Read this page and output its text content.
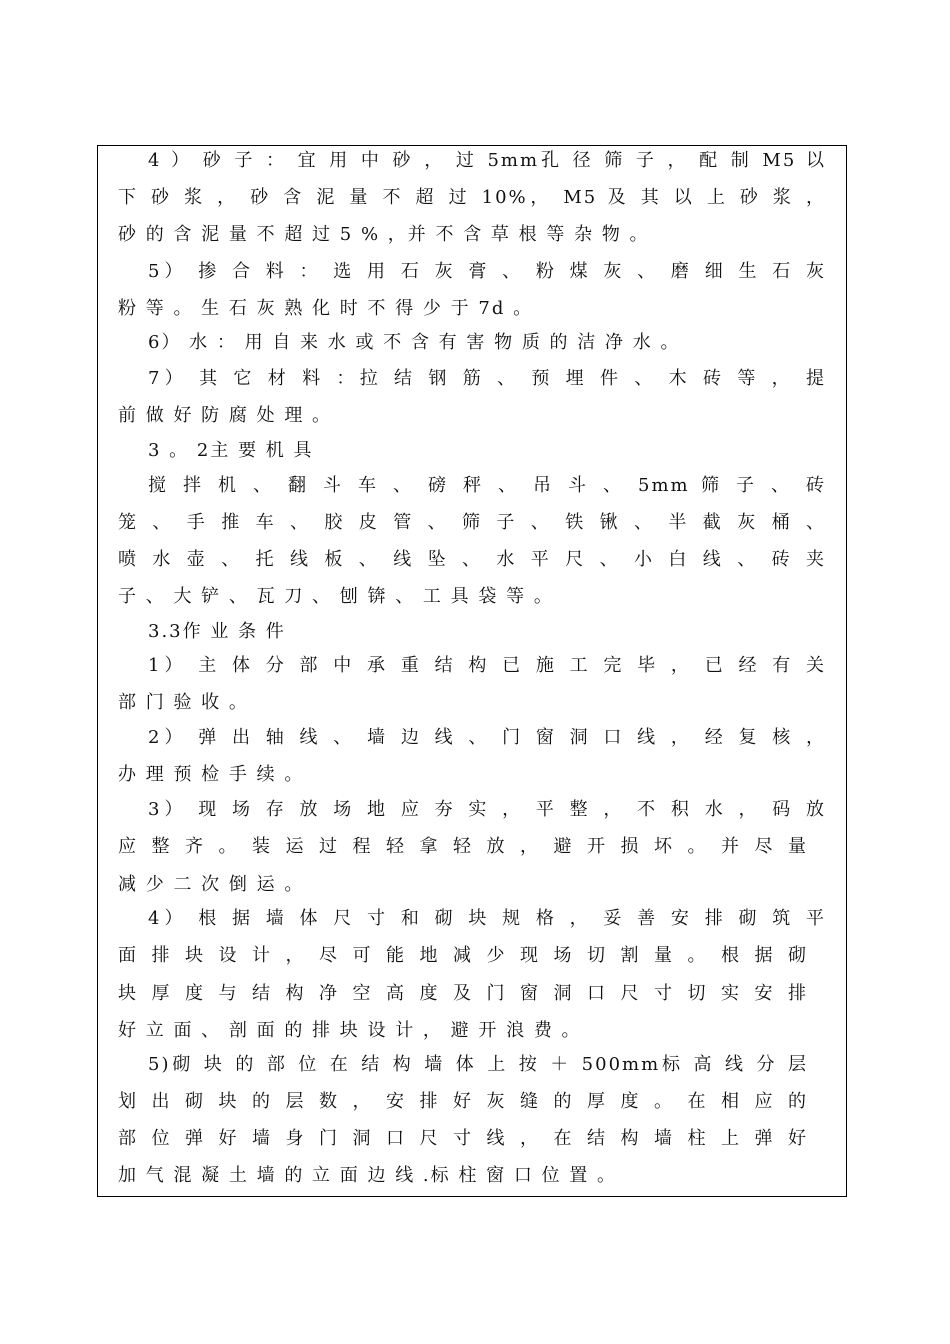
4 ） 砂 子 ： 宜 用 中 砂 ， 过 5mm孔 径 筛 子 ， 配 制 M5 以
下 砂 浆 ， 砂 含 泥 量 不 超 过 10%， M5 及 其 以 上 砂 浆 ，
砂 的 含 泥 量 不 超 过 5 % ，并 不 含 草 根 等 杂 物 。
5） 掺 合 料 ： 选 用 石 灰 膏 、 粉 煤 灰 、 磨 细 生 石 灰
粉 等 。 生 石 灰 熟 化 时 不 得 少 于 7d 。
6） 水 ： 用 自 来 水 或 不 含 有 害 物 质 的 洁 净 水 。
7） 其 它 材 料 ：拉 结 钢 筋 、 预 埋 件 、 木 砖 等 ， 提
前 做 好 防 腐 处 理 。
3 。 2主 要 机 具
搅 拌 机 、 翻 斗 车 、 磅 秤 、 吊 斗 、 5mm 筛 子 、 砖
笼 、 手 推 车 、 胶 皮 管 、 筛 子 、 铁 锹 、 半 截 灰 桶 、
喷 水 壶 、 托 线 板 、 线 坠 、 水 平 尺 、 小 白 线 、 砖 夹
子 、 大 铲 、 瓦 刀 、 刨 锛 、 工 具 袋 等 。
3.3作 业 条 件
1） 主 体 分 部 中 承 重 结 构 已 施 工 完 毕 ， 已 经 有 关
部 门 验 收 。
2） 弹 出 轴 线 、 墙 边 线 、 门 窗 洞 口 线 ， 经 复 核 ，
办 理 预 检 手 续 。
3） 现 场 存 放 场 地 应 夯 实 ， 平 整 ， 不 积 水 ， 码 放
应 整 齐 。 装 运 过 程 轻 拿 轻 放 ， 避 开 损 坏 。 并 尽 量
减 少 二 次 倒 运 。
4） 根 据 墙 体 尺 寸 和 砌 块 规 格 ， 妥 善 安 排 砌 筑 平
面 排 块 设 计 ， 尽 可 能 地 减 少 现 场 切 割 量 。 根 据 砌
块 厚 度 与 结 构 净 空 高 度 及 门 窗 洞 口 尺 寸 切 实 安 排
好 立 面 、 剖 面 的 排 块 设 计 ， 避 开 浪 费 。
5)砌 块 的 部 位 在 结 构 墙 体 上 按 ＋ 500mm标 高 线 分 层
划 出 砌 块 的 层 数 ， 安 排 好 灰 缝 的 厚 度 。 在 相 应 的
部 位 弹 好 墙 身 门 洞 口 尺 寸 线 ， 在 结 构 墙 柱 上 弹 好
加 气 混 凝 土 墙 的 立 面 边 线 .标 柱 窗 口 位 置 。
